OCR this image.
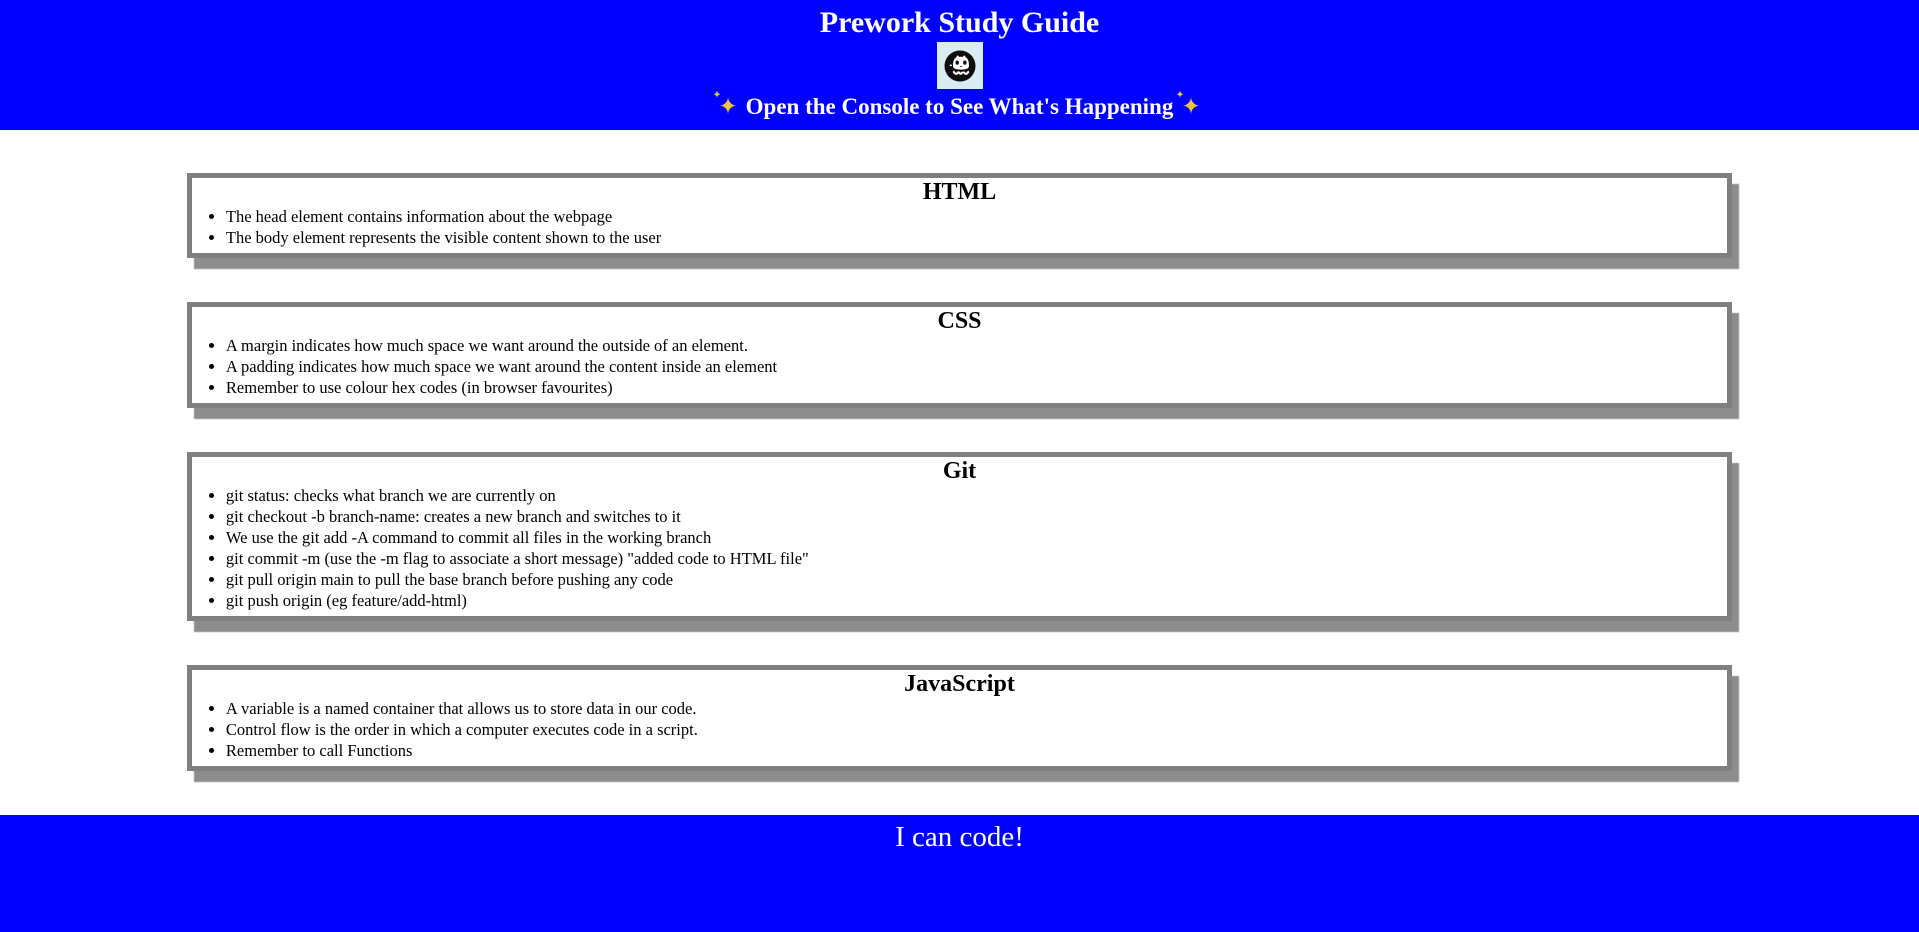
Prework Study Guide
✦ ✦ Open the Console to See What's Happening ✦ ✦
HTML
• The head element contains information about the webpage
• The body element represents the visible content shown to the user
CSS
• A margin indicates how much space we want around the outside of an element.
• A padding indicates how much space we want around the content inside an element
• Remember to use colour hex codes (in browser favourites)
Git
• git status: checks what branch we are currently on
• git checkout -b branch-name: creates a new branch and switches to it
• We use the git add -A command to commit all files in the working branch
• git commit -m (use the -m flag to associate a short message) "added code to HTML file"
• git pull origin main to pull the base branch before pushing any code
• git push origin (eg feature/add-html)
JavaScript
• A variable is a named container that allows us to store data in our code.
• Control flow is the order in which a computer executes code in a script.
• Remember to call Functions
I can code!
